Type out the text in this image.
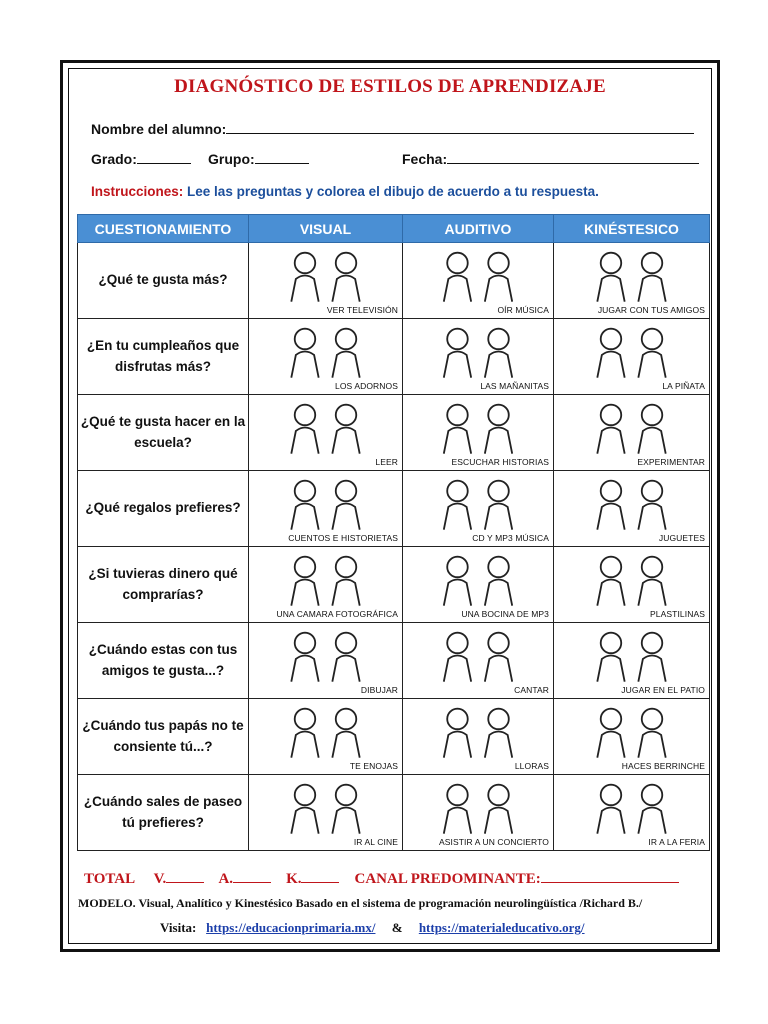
DIAGNÓSTICO DE ESTILOS DE APRENDIZAJE
Nombre del alumno:
Grado:	Grupo:	Fecha:
Instrucciones: Lee las preguntas y colorea el dibujo de acuerdo a tu respuesta.
CUESTIONAMIENTO	VISUAL	AUDITIVO	KINÉSTESICO
¿Qué te gusta más?	VER TELEVISIÓN	OÍR MÚSICA	JUGAR CON TUS AMIGOS

¿En tu cumpleaños que disfrutas más?	LOS ADORNOS	LAS MAÑANITAS	LA PIÑATA

¿Qué te gusta hacer en la escuela?	LEER	ESCUCHAR HISTORIAS	EXPERIMENTAR

¿Qué regalos prefieres?	CUENTOS E HISTORIETAS	CD Y MP3 MÚSICA	JUGUETES

¿Si tuvieras dinero qué comprarías?	UNA CAMARA FOTOGRÁFICA	UNA BOCINA DE MP3	PLASTILINAS

¿Cuándo estas con tus amigos te gusta...?	DIBUJAR	CANTAR	JUGAR EN EL PATIO

¿Cuándo tus papás no te consiente tú...?	TE ENOJAS	LLORAS	HACES BERRINCHE

¿Cuándo sales de paseo tú prefieres?	IR AL CINE	ASISTIR A UN CONCIERTO	IR A LA FERIA
TOTAL V.	A.	K.	CANAL PREDOMINANTE:
MODELO. Visual, Analítico y Kinestésico Basado en el sistema de programación neurolingüística /Richard B./
Visita: https://educacionprimaria.mx/ & https://materialeducativo.org/
